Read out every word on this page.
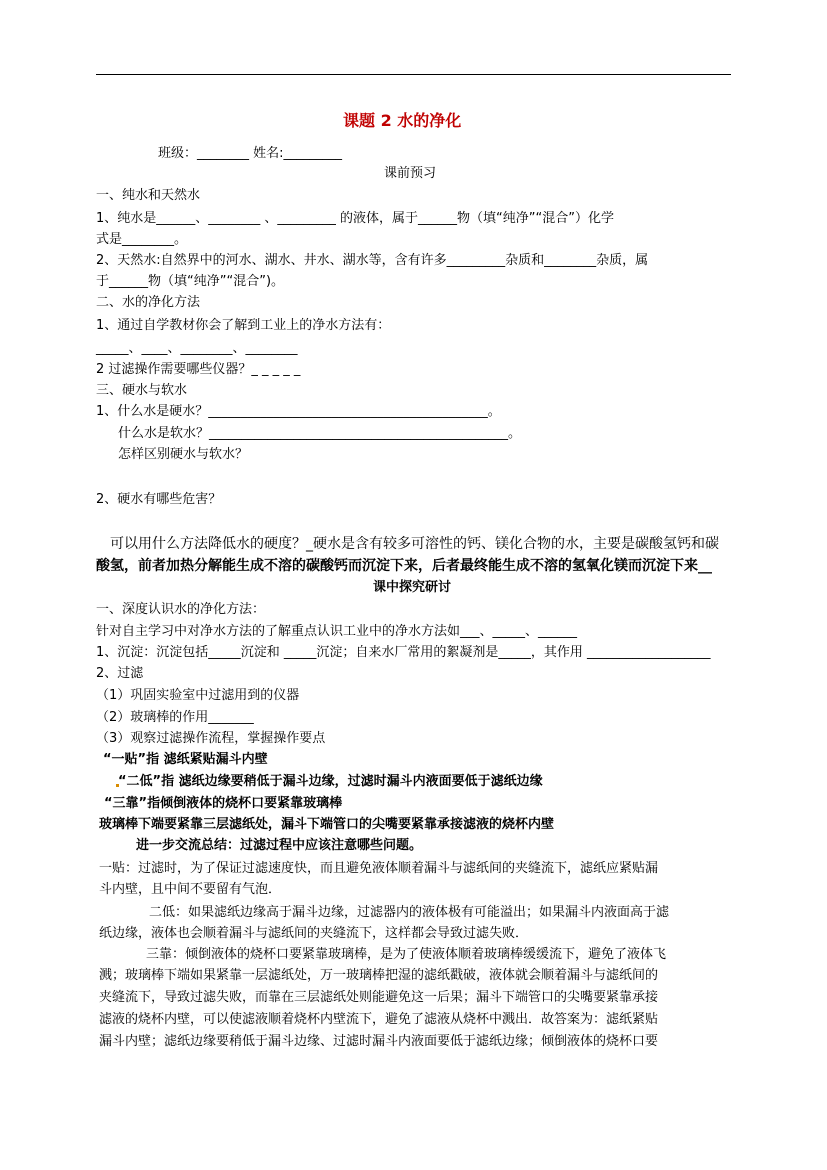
课题 2 水的净化
班级：________ 姓名:_________
课前预习
一、纯水和天然水
1、纯水是______、________ 、_________ 的液体，属于______物（填“纯净”“混合”）化学
式是________。
2、天然水:自然界中的河水、湖水、井水、湖水等，含有许多_________杂质和________杂质，属
于______物（填“纯净”“混合”)。
二、水的净化方法
1、通过自学教材你会了解到工业上的净水方法有：
_____、____、________、________
2 过滤操作需要哪些仪器？_ _ _ _ _
三、硬水与软水
1、什么水是硬水？___________________________________________。
什么水是软水？______________________________________________。
怎样区别硬水与软水？
2、硬水有哪些危害？
可以用什么方法降低水的硬度？_硬水是含有较多可溶性的钙、镁化合物的水，主要是碳酸氢钙和碳
酸氢，前者加热分解能生成不溶的碳酸钙而沉淀下来，后者最终能生成不溶的氢氧化镁而沉淀下来__
课中探究研讨
一、深度认识水的净化方法：
针对自主学习中对净水方法的了解重点认识工业中的净水方法如___、_____、______
1、沉淀：沉淀包括_____沉淀和 _____沉淀；自来水厂常用的絮凝剂是_____，其作用 ___________________
2、过滤
（1）巩固实验室中过滤用到的仪器
（2）玻璃棒的作用_______
（3）观察过滤操作流程，掌握操作要点
“一贴”指 滤纸紧贴漏斗内壁
“二低”指 滤纸边缘要稍低于漏斗边缘，过滤时漏斗内液面要低于滤纸边缘
“三靠”指倾倒液体的烧杯口要紧靠玻璃棒
玻璃棒下端要紧靠三层滤纸处，漏斗下端管口的尖嘴要紧靠承接滤液的烧杯内壁
进一步交流总结：过滤过程中应该注意哪些问题。
一贴：过滤时，为了保证过滤速度快，而且避免液体顺着漏斗与滤纸间的夹缝流下，滤纸应紧贴漏
斗内壁，且中间不要留有气泡．
二低：如果滤纸边缘高于漏斗边缘，过滤器内的液体极有可能溢出；如果漏斗内液面高于滤
纸边缘，液体也会顺着漏斗与滤纸间的夹缝流下，这样都会导致过滤失败．
三靠：倾倒液体的烧杯口要紧靠玻璃棒，是为了使液体顺着玻璃棒缓缓流下，避免了液体飞
溅；玻璃棒下端如果紧靠一层滤纸处，万一玻璃棒把湿的滤纸戳破，液体就会顺着漏斗与滤纸间的
夹缝流下，导致过滤失败，而靠在三层滤纸处则能避免这一后果；漏斗下端管口的尖嘴要紧靠承接
滤液的烧杯内壁，可以使滤液顺着烧杯内壁流下，避免了滤液从烧杯中溅出．故答案为：滤纸紧贴
漏斗内壁；滤纸边缘要稍低于漏斗边缘、过滤时漏斗内液面要低于滤纸边缘；倾倒液体的烧杯口要
